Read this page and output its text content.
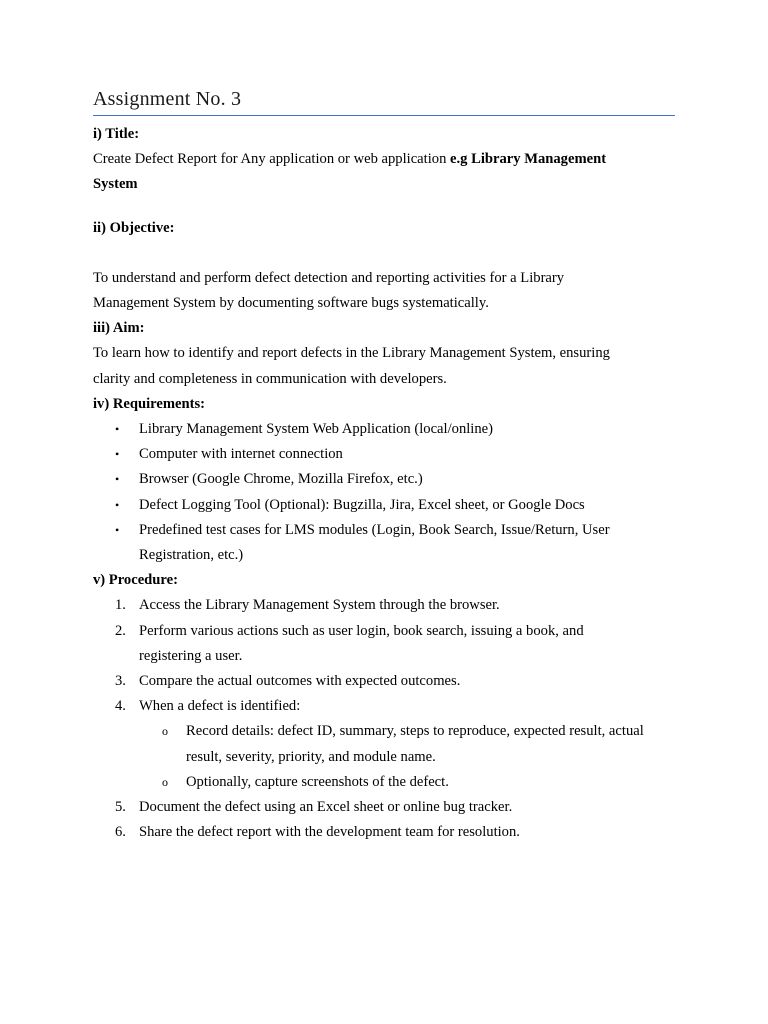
Assignment No. 3

i) Title:

Create Defect Report for Any application or web application e.g Library Management

System

ii) Objective:

To understand and perform defect detection and reporting activities for a Library

Management System by documenting software bugs systematically.

iii) Aim:

To learn how to identify and report defects in the Library Management System, ensuring

clarity and completeness in communication with developers.

iv) Requirements:

• Library Management System Web Application (local/online)
• Computer with internet connection
• Browser (Google Chrome, Mozilla Firefox, etc.)
• Defect Logging Tool (Optional): Bugzilla, Jira, Excel sheet, or Google Docs
• Predefined test cases for LMS modules (Login, Book Search, Issue/Return, User
Registration, etc.)

v) Procedure:

1. Access the Library Management System through the browser.
2. Perform various actions such as user login, book search, issuing a book, and
registering a user.
3. Compare the actual outcomes with expected outcomes.
4. When a defect is identified:
o Record details: defect ID, summary, steps to reproduce, expected result, actual
result, severity, priority, and module name.
o Optionally, capture screenshots of the defect.
5. Document the defect using an Excel sheet or online bug tracker.
6. Share the defect report with the development team for resolution.
